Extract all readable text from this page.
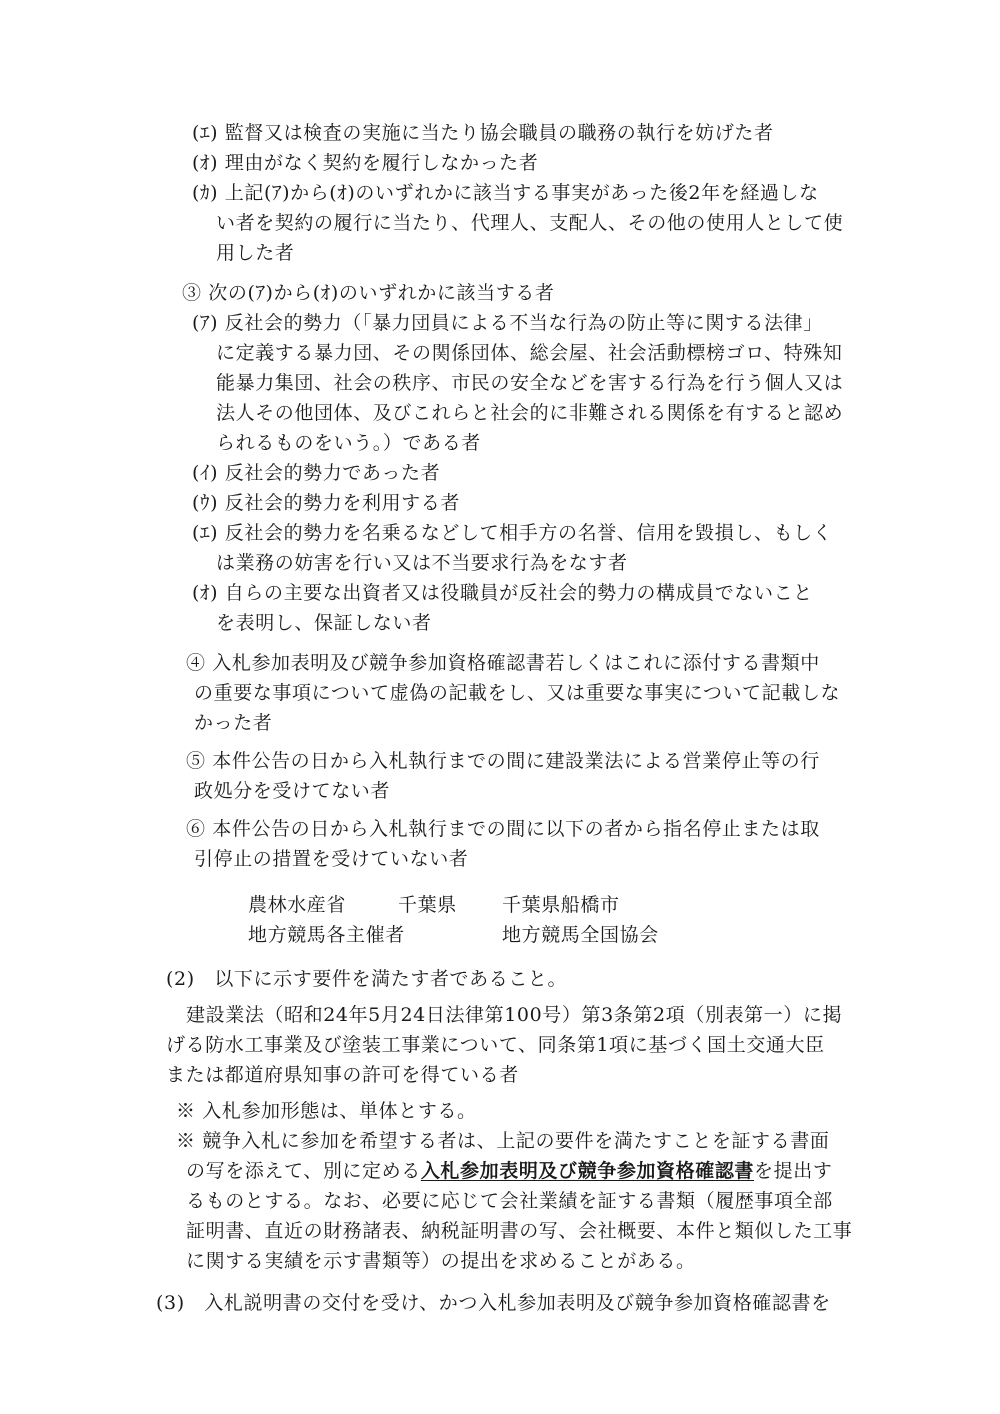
(ｴ) 監督又は検査の実施に当たり協会職員の職務の執行を妨げた者
(ｵ) 理由がなく契約を履行しなかった者
(ｶ) 上記(ｱ)から(ｵ)のいずれかに該当する事実があった後2年を経過しな
い者を契約の履行に当たり、代理人、支配人、その他の使用人として使
用した者
③ 次の(ｱ)から(ｵ)のいずれかに該当する者
(ｱ) 反社会的勢力（「暴力団員による不当な行為の防止等に関する法律」
に定義する暴力団、その関係団体、総会屋、社会活動標榜ゴロ、特殊知
能暴力集団、社会の秩序、市民の安全などを害する行為を行う個人又は
法人その他団体、及びこれらと社会的に非難される関係を有すると認め
られるものをいう。）である者
(ｲ) 反社会的勢力であった者
(ｳ) 反社会的勢力を利用する者
(ｴ) 反社会的勢力を名乗るなどして相手方の名誉、信用を毀損し、もしく
は業務の妨害を行い又は不当要求行為をなす者
(ｵ) 自らの主要な出資者又は役職員が反社会的勢力の構成員でないこと
を表明し、保証しない者
④ 入札参加表明及び競争参加資格確認書若しくはこれに添付する書類中
の重要な事項について虚偽の記載をし、又は重要な事実について記載しな
かった者
⑤ 本件公告の日から入札執行までの間に建設業法による営業停止等の行
政処分を受けてない者
⑥ 本件公告の日から入札執行までの間に以下の者から指名停止または取
引停止の措置を受けていない者
農林水産省	千葉県 千葉県船橋市
地方競馬各主催者	地方競馬全国協会
(2)　以下に示す要件を満たす者であること。
建設業法（昭和24年5月24日法律第100号）第3条第2項（別表第一）に掲
げる防水工事業及び塗装工事業について、同条第1項に基づく国土交通大臣
または都道府県知事の許可を得ている者
※ 入札参加形態は、単体とする。
※ 競争入札に参加を希望する者は、上記の要件を満たすことを証する書面
の写を添えて、別に定める入札参加表明及び競争参加資格確認書を提出す
るものとする。なお、必要に応じて会社業績を証する書類（履歴事項全部
証明書、直近の財務諸表、納税証明書の写、会社概要、本件と類似した工事
に関する実績を示す書類等）の提出を求めることがある。
(3)　入札説明書の交付を受け、かつ入札参加表明及び競争参加資格確認書を
